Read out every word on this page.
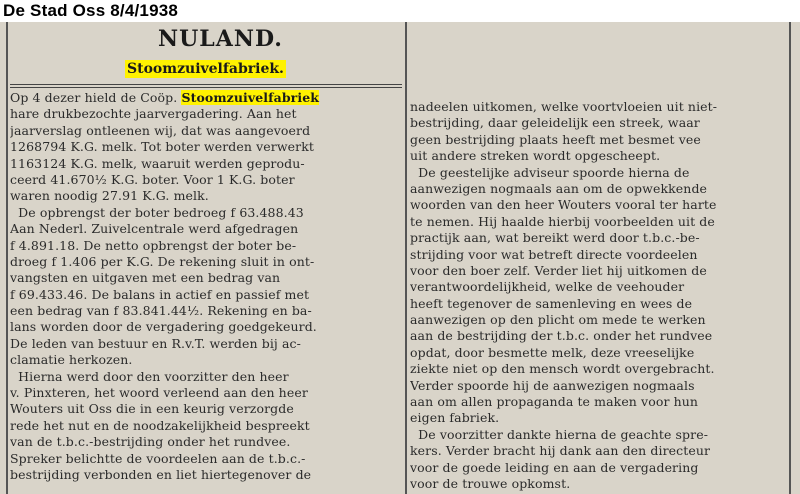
De Stad Oss 8/4/1938
NULAND.
Stoomzuivelfabriek.
Op 4 dezer hield de Coöp. Stoomzuivelfabriek
hare drukbezochte jaarvergadering. Aan het
jaarverslag ontleenen wij, dat was aangevoerd
1268794 K.G. melk. Tot boter werden verwerkt
1163124 K.G. melk, waaruit werden geprodu-
ceerd 41.670½ K.G. boter. Voor 1 K.G. boter
waren noodig 27.91 K.G. melk.
De opbrengst der boter bedroeg f 63.488.43
Aan Nederl. Zuivelcentrale werd afgedragen
f 4.891.18. De netto opbrengst der boter be-
droeg f 1.406 per K.G. De rekening sluit in ont-
vangsten en uitgaven met een bedrag van
f 69.433.46. De balans in actief en passief met
een bedrag van f 83.841.44½. Rekening en ba-
lans worden door de vergadering goedgekeurd.
De leden van bestuur en R.v.T. werden bij ac-
clamatie herkozen.
Hierna werd door den voorzitter den heer
v. Pinxteren, het woord verleend aan den heer
Wouters uit Oss die in een keurig verzorgde
rede het nut en de noodzakelijkheid bespreekt
van de t.b.c.-bestrijding onder het rundvee.
Spreker belichtte de voordeelen aan de t.b.c.-
bestrijding verbonden en liet hiertegenover de
nadeelen uitkomen, welke voortvloeien uit niet-
bestrijding, daar geleidelijk een streek, waar
geen bestrijding plaats heeft met besmet vee
uit andere streken wordt opgescheept.
De geestelijke adviseur spoorde hierna de
aanwezigen nogmaals aan om de opwekkende
woorden van den heer Wouters vooral ter harte
te nemen. Hij haalde hierbij voorbeelden uit de
practijk aan, wat bereikt werd door t.b.c.-be-
strijding voor wat betreft directe voordeelen
voor den boer zelf. Verder liet hij uitkomen de
verantwoordelijkheid, welke de veehouder
heeft tegenover de samenleving en wees de
aanwezigen op den plicht om mede te werken
aan de bestrijding der t.b.c. onder het rundvee
opdat, door besmette melk, deze vreeselijke
ziekte niet op den mensch wordt overgebracht.
Verder spoorde hij de aanwezigen nogmaals
aan om allen propaganda te maken voor hun
eigen fabriek.
De voorzitter dankte hierna de geachte spre-
kers. Verder bracht hij dank aan den directeur
voor de goede leiding en aan de vergadering
voor de trouwe opkomst.
